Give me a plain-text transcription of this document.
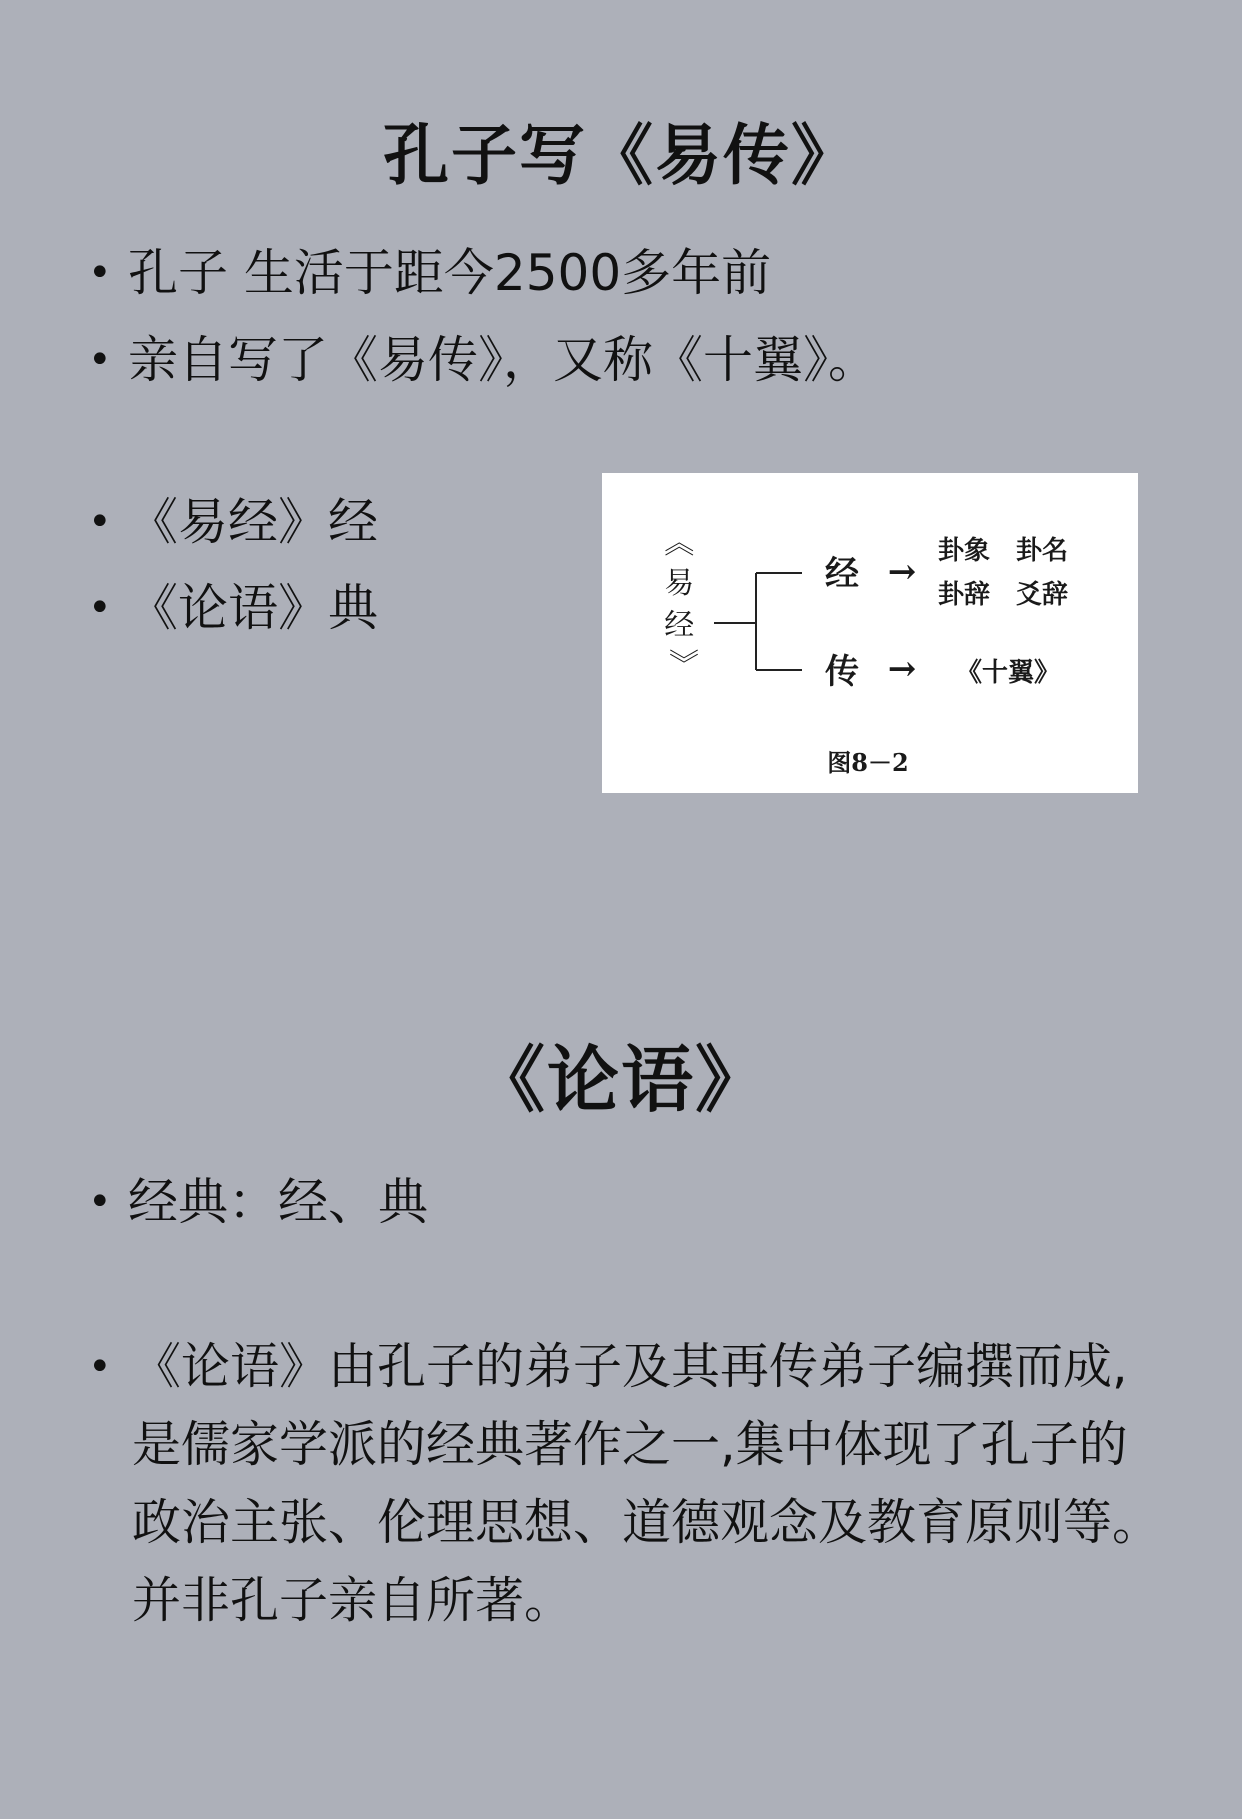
孔子写《易传》
• 孔子 生活于距今2500多年前
• 亲自写了《易传》，又称《十翼》。
• 《易经》经
• 《论语》典
︽ 易 经 ︾
经
传
→
→
卦象 卦名
卦辞 爻辞
《十翼》
图8－2
《论语》
• 经典：经、典
• 《论语》由孔子的弟子及其再传弟子编撰而成,是儒家学派的经典著作之一,集中体现了孔子的政治主张、伦理思想、道德观念及教育原则等。并非孔子亲自所著。
